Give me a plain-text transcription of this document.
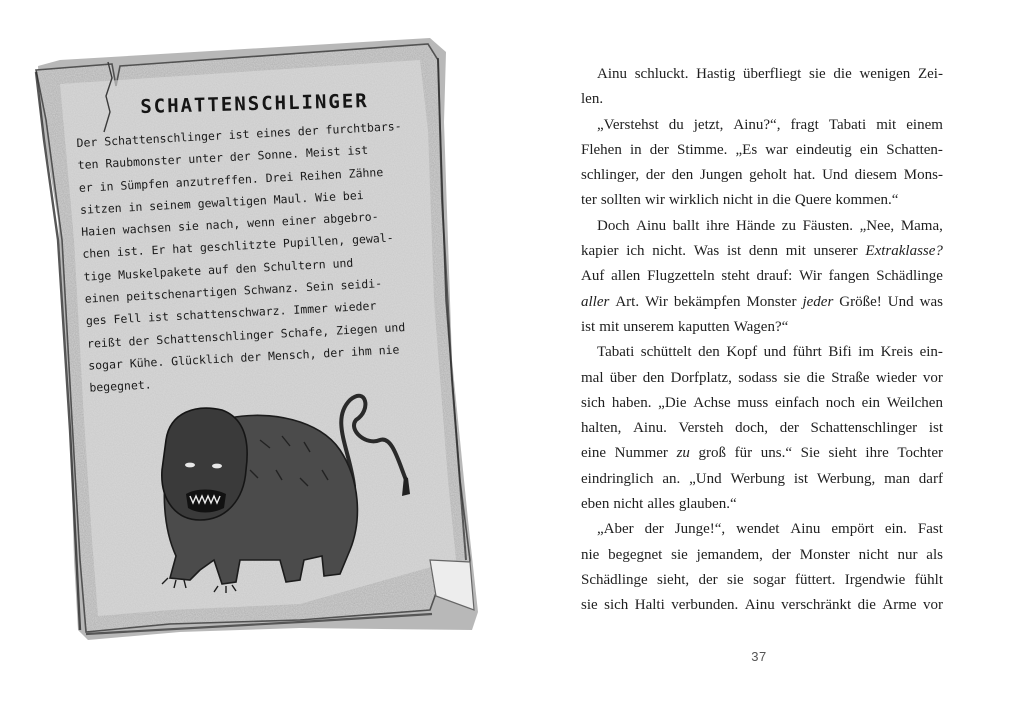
SCHATTENSCHLINGER
Der Schattenschlinger ist eines der furchtbars-
ten Raubmonster unter der Sonne. Meist ist
er in Sümpfen anzutreffen. Drei Reihen Zähne
sitzen in seinem gewaltigen Maul. Wie bei
Haien wachsen sie nach, wenn einer abgebro-
chen ist. Er hat geschlitzte Pupillen, gewal-
tige Muskelpakete auf den Schultern und
einen peitschenartigen Schwanz. Sein seidi-
ges Fell ist schattenschwarz. Immer wieder
reißt der Schattenschlinger Schafe, Ziegen und
sogar Kühe. Glücklich der Mensch, der ihm nie
begegnet.
Ainu schluckt. Hastig überfliegt sie die wenigen Zei-
len.
„Verstehst du jetzt, Ainu?“, fragt Tabati mit einem
Flehen in der Stimme. „Es war eindeutig ein Schatten-
schlinger, der den Jungen geholt hat. Und diesem Mons-
ter sollten wir wirklich nicht in die Quere kommen.“
Doch Ainu ballt ihre Hände zu Fäusten. „Nee, Mama,
kapier ich nicht. Was ist denn mit unserer Extraklasse?
Auf allen Flugzetteln steht drauf: Wir fangen Schädlinge
aller Art. Wir bekämpfen Monster jeder Größe! Und was
ist mit unserem kaputten Wagen?“
Tabati schüttelt den Kopf und führt Bifi im Kreis ein-
mal über den Dorfplatz, sodass sie die Straße wieder vor
sich haben. „Die Achse muss einfach noch ein Weilchen
halten, Ainu. Versteh doch, der Schattenschlinger ist
eine Nummer zu groß für uns.“ Sie sieht ihre Tochter
eindringlich an. „Und Werbung ist Werbung, man darf
eben nicht alles glauben.“
„Aber der Junge!“, wendet Ainu empört ein. Fast
nie begegnet sie jemandem, der Monster nicht nur als
Schädlinge sieht, der sie sogar füttert. Irgendwie fühlt
sie sich Halti verbunden. Ainu verschränkt die Arme vor
37
